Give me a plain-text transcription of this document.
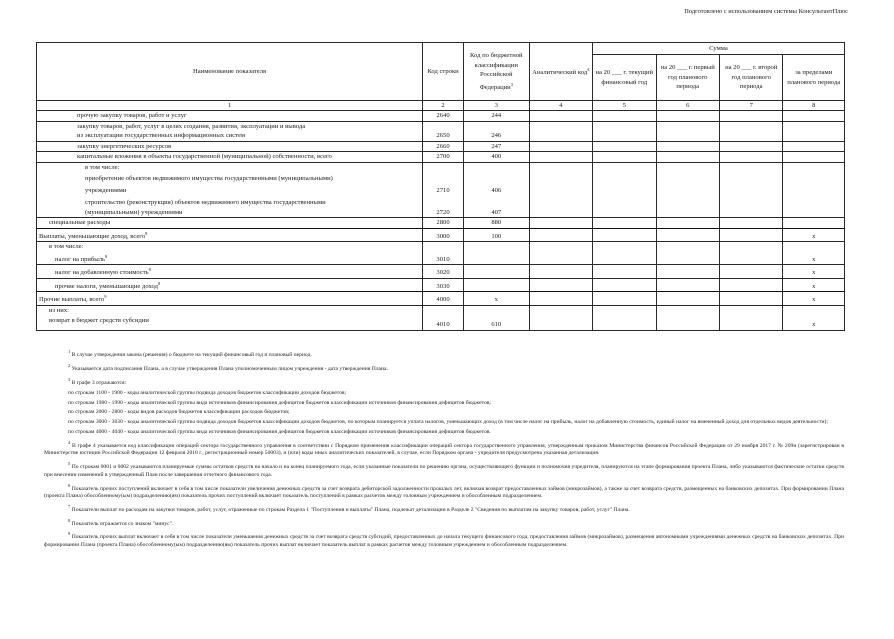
Подготовлено с использованием системы КонсультантПлюс
Наименование показателя	Код строки	Код по бюджетной классификации Российской Федерации$^3$	Аналитический код$^4$	Сумма			
				на 20 ___ г. текущий финансовый год	на 20 ___ г. первый год планового периода	на 20 ___ г. второй год планового периода	за пределами планового периода
1	2	3	4	5	6	7	8
прочую закупку товаров, работ и услуг	2640	244					

закупку товаров, работ, услуг в целях создания, развития, эксплуатации и вывода
из эксплуатации государственных информационных систем	2650	246					
закупку энергетических ресурсов	2660	247					
капитальные вложения в объекты государственной (муниципальной) собственности, всего	2700	400					

в том числе:
приобретение объектов недвижимого имущества государственными (муниципальными)
учреждениями	2710	406					

строительство (реконструкция) объектов недвижимого имущества государственными
(муниципальными) учреждениями	2720	407					
специальные расходы	2800	880					
Выплаты, уменьшающие доход, всего$^8$	3000	100					x

в том числе:
налог на прибыль$^8$	3010						x
налог на добавленную стоимость$^8$	3020						x
прочие налоги, уменьшающие доход$^8$	3030						x
Прочие выплаты, всего$^9$	4000	x					x

из них:
возврат в бюджет средств субсидии	4010	610					x

$^1$ В случае утверждения закона (решения) о бюджете на текущий финансовый год и плановый период.

$^2$ Указывается дата подписания Плана, а в случае утверждения Плана уполномоченным лицом учреждения - дата утверждения Плана.

$^3$ В графе 3 отражаются:

по строкам 1100 - 1900 - коды аналитической группы подвида доходов бюджетов классификации доходов бюджетов;

по строкам 1980 - 1990 - коды аналитической группы вида источников финансирования дефицитов бюджетов классификации источников финансирования дефицитов бюджетов;

по строкам 2000 - 2800 - коды видов расходов бюджетов классификации расходов бюджетов;

по строкам 3000 - 3030 - коды аналитической группы подвида доходов бюджетов классификации доходов бюджетов, по которым планируется уплата налогов, уменьшающих доход (в том числе налог на прибыль, налог на добавленную стоимость, единый налог на вмененный доход для отдельных видов деятельности);

по строкам 4000 - 4040 - коды аналитической группы вида источников финансирования дефицитов бюджетов классификации источников финансирования дефицитов бюджетов.

$^4$ В графе 4 указывается код классификации операций сектора государственного управления в соответствии с Порядком применения классификации операций сектора государственного управления, утвержденным приказом Министерства финансов Российской Федерации от 29 ноября 2017 г. № 209н (зарегистрирован в Министерстве юстиции Российской Федерации 12 февраля 2018 г., регистрационный номер 50003), и (или) коды иных аналитических показателей, в случае, если Порядком органа - учредителя предусмотрена указанная детализация.

$^5$ По строкам 0001 и 0002 указываются планируемые суммы остатков средств на начало и на конец планируемого года, если указанные показатели по решению органа, осуществляющего функции и полномочия учредителя, планируются на этапе формирования проекта Плана, либо указываются фактические остатки средств при внесении изменений в утвержденный План после завершения отчетного финансового года.

$^6$ Показатель прочих поступлений включает в себя в том числе показатели увеличения денежных средств за счет возврата дебиторской задолженности прошлых лет, включая возврат предоставленных займов (микрозаймов), а также за счет возврата средств, размещенных на банковских депозитах. При формировании Плана (проекта Плана) обособленному(ым) подразделению(ям) показатель прочих поступлений включает показатель поступлений в рамках расчетов между головным учреждением и обособленным подразделением.

$^7$ Показатели выплат по расходам на закупки товаров, работ, услуг, отраженные по строкам Раздела 1 "Поступления и выплаты" Плана, подлежат детализации в Разделе 2 "Сведения по выплатам на закупку товаров, работ, услуг" Плана.

$^8$ Показатель отражается со знаком "минус".

$^9$ Показатель прочих выплат включает в себя в том числе показатели уменьшения денежных средств за счет возврата средств субсидий, предоставленных до начала текущего финансового года, предоставления займов (микрозаймов), размещения автономными учреждениями денежных средств на банковских депозитах. При формировании Плана (проекта Плана) обособленному(ым) подразделению(ям) показатель прочих выплат включает показатель выплат в рамках расчетов между головным учреждением и обособленным подразделением.
